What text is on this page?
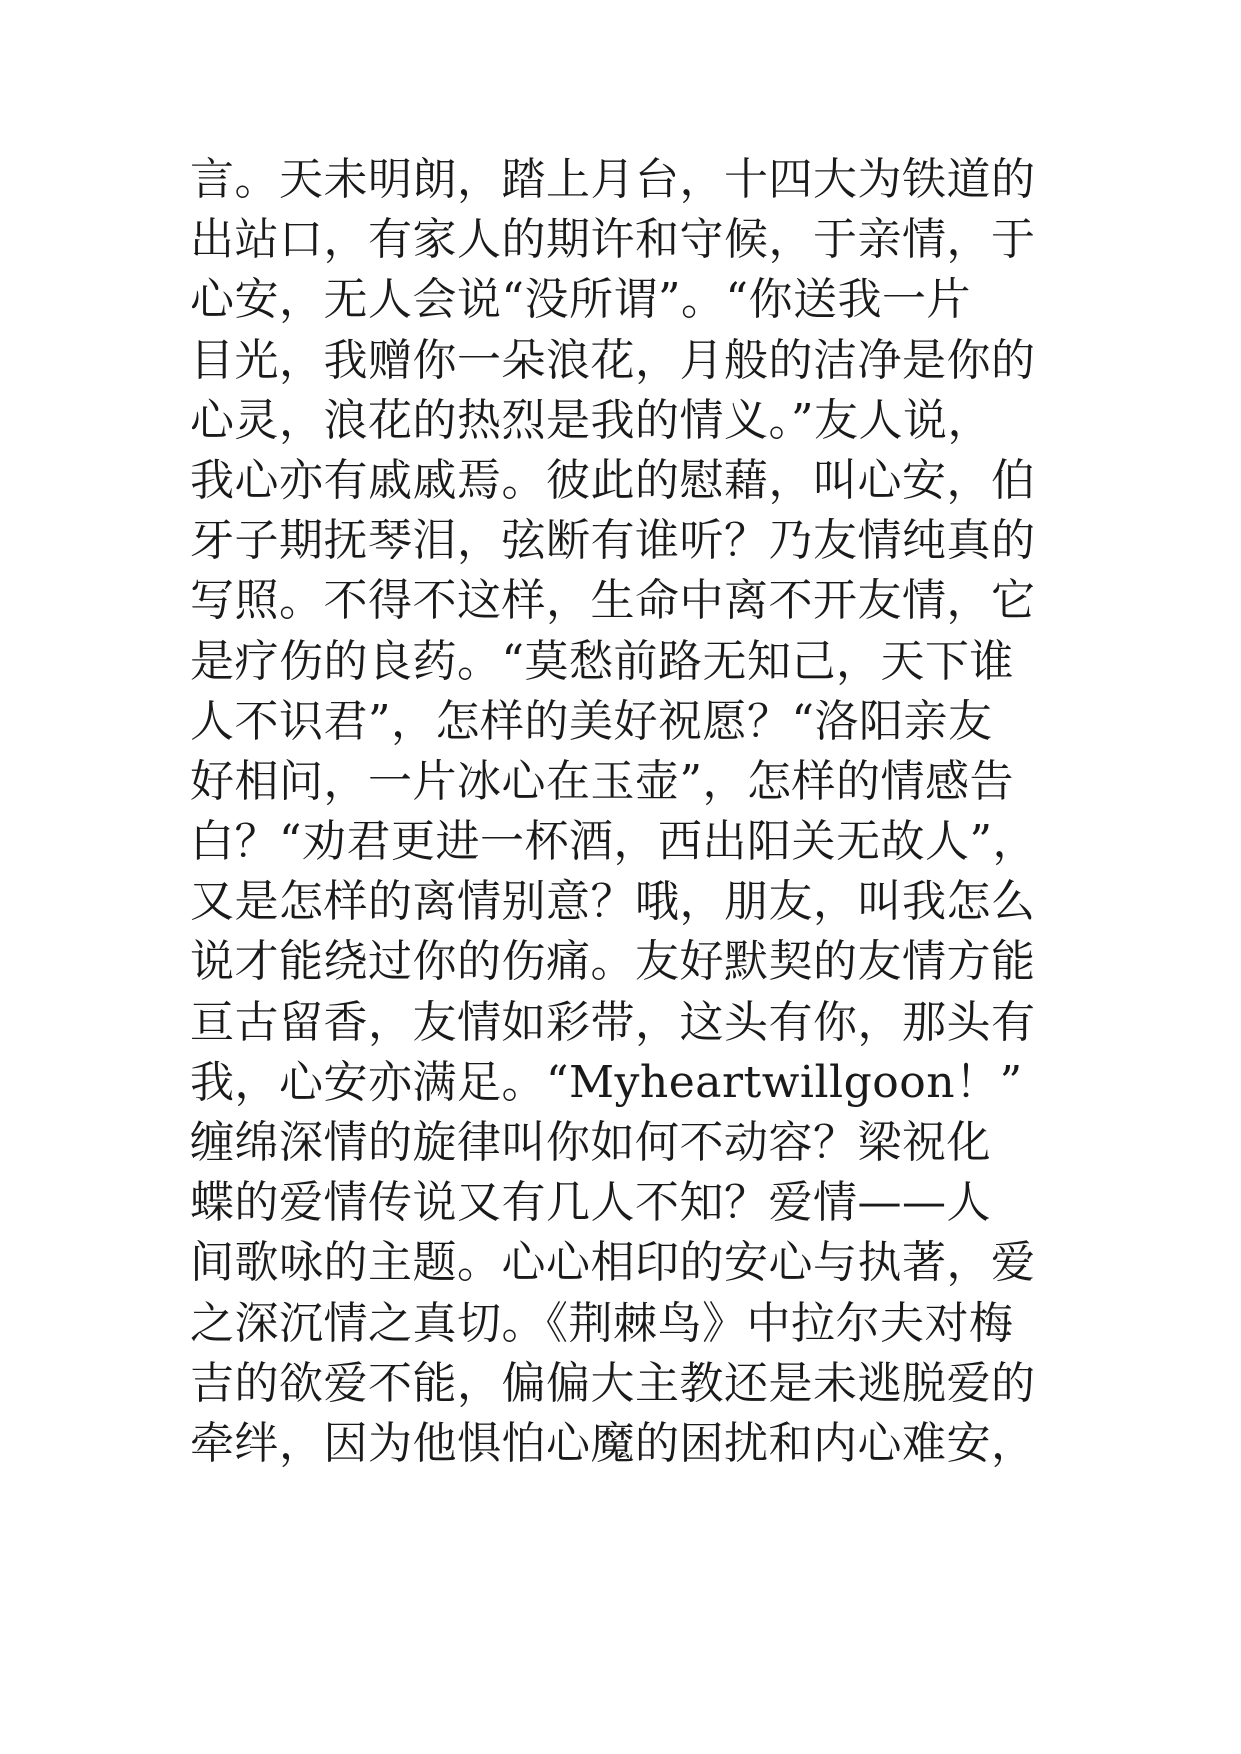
言。天未明朗，踏上月台，十四大为铁道的
出站口，有家人的期许和守候，于亲情，于
心安，无人会说“没所谓”。“你送我一片
目光，我赠你一朵浪花，月般的洁净是你的
心灵，浪花的热烈是我的情义。”友人说，
我心亦有戚戚焉。彼此的慰藉，叫心安，伯
牙子期抚琴泪，弦断有谁听？乃友情纯真的
写照。不得不这样，生命中离不开友情，它
是疗伤的良药。“莫愁前路无知己，天下谁
人不识君”，怎样的美好祝愿？“洛阳亲友
好相问，一片冰心在玉壶”，怎样的情感告
白？“劝君更进一杯酒，西出阳关无故人”，
又是怎样的离情别意？哦，朋友，叫我怎么
说才能绕过你的伤痛。友好默契的友情方能
亘古留香，友情如彩带，这头有你，那头有
我，心安亦满足。“Myheartwillgoon！”
缠绵深情的旋律叫你如何不动容？梁祝化
蝶的爱情传说又有几人不知？爱情——人
间歌咏的主题。心心相印的安心与执著，爱
之深沉情之真切。《荆棘鸟》中拉尔夫对梅
吉的欲爱不能，偏偏大主教还是未逃脱爱的
牵绊，因为他惧怕心魔的困扰和内心难安，
